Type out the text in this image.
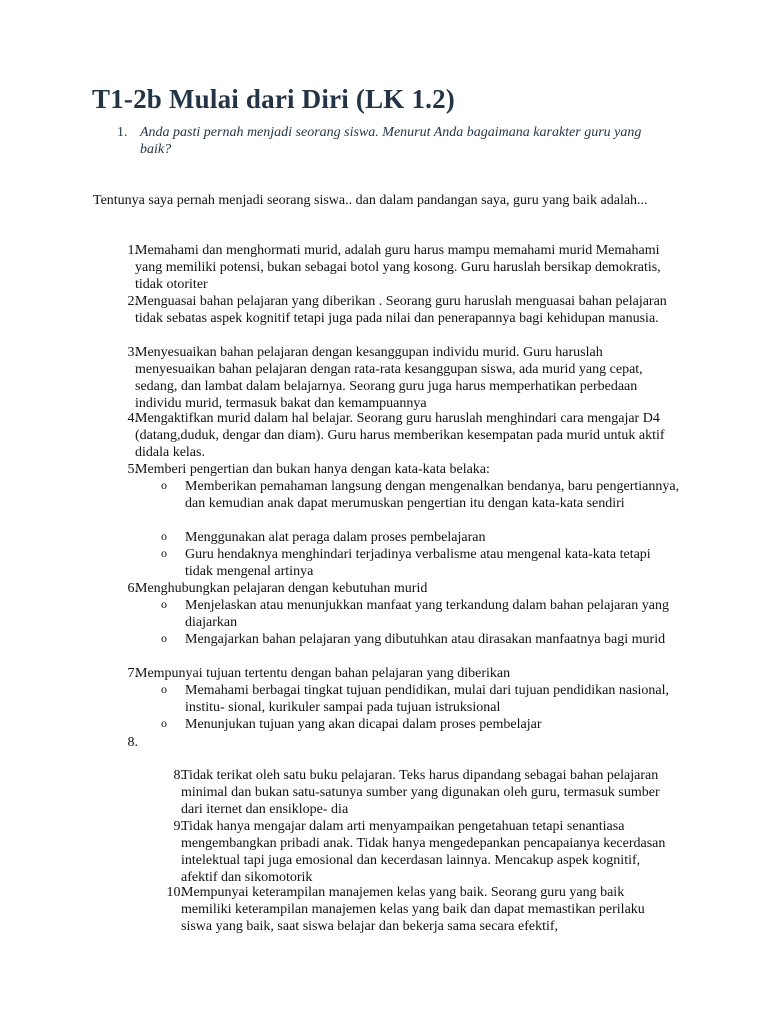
T1-2b Mulai dari Diri (LK 1.2)
1. Anda pasti pernah menjadi seorang siswa. Menurut Anda bagaimana karakter guru yang baik?
Tentunya saya pernah menjadi seorang siswa.. dan dalam pandangan saya, guru yang baik adalah...
1.
Memahami dan menghormati murid, adalah guru harus mampu memahami murid Memahami yang memiliki potensi, bukan sebagai botol yang kosong. Guru haruslah bersikap demokratis, tidak otoriter
2.
Menguasai bahan pelajaran yang diberikan . Seorang guru haruslah menguasai bahan pelajaran tidak sebatas aspek kognitif tetapi juga pada nilai dan penerapannya bagi kehidupan manusia.
3.
Menyesuaikan bahan pelajaran dengan kesanggupan individu murid. Guru haruslah menyesuaikan bahan pelajaran dengan rata-rata kesanggupan siswa, ada murid yang cepat, sedang, dan lambat dalam belajarnya. Seorang guru juga harus memperhatikan perbedaan individu murid, termasuk bakat dan kemampuannya
4.
Mengaktifkan murid dalam hal belajar. Seorang guru haruslah menghindari cara mengajar D4 (datang,duduk, dengar dan diam). Guru harus memberikan kesempatan pada murid untuk aktif didala kelas.
5.
Memberi pengertian dan bukan hanya dengan kata-kata belaka:
o Memberikan pemahaman langsung dengan mengenalkan bendanya, baru pengertiannya, dan kemudian anak dapat merumuskan pengertian itu dengan kata-kata sendiri
o Menggunakan alat peraga dalam proses pembelajaran
o Guru hendaknya menghindari terjadinya verbalisme atau mengenal kata-kata tetapi tidak mengenal artinya
6.
Menghubungkan pelajaran dengan kebutuhan murid
o Menjelaskan atau menunjukkan manfaat yang terkandung dalam bahan pelajaran yang diajarkan
o Mengajarkan bahan pelajaran yang dibutuhkan atau dirasakan manfaatnya bagi murid
7.
Mempunyai tujuan tertentu dengan bahan pelajaran yang diberikan
o Memahami berbagai tingkat tujuan pendidikan, mulai dari tujuan pendidikan nasional, institu- sional, kurikuler sampai pada tujuan istruksional
o Menunjukan tujuan yang akan dicapai dalam proses pembelajar
8.
8.
Tidak terikat oleh satu buku pelajaran. Teks harus dipandang sebagai bahan pelajaran minimal dan bukan satu-satunya sumber yang digunakan oleh guru, termasuk sumber dari iternet dan ensiklope- dia
9.
Tidak hanya mengajar dalam arti menyampaikan pengetahuan tetapi senantiasa mengembangkan pribadi anak. Tidak hanya mengedepankan pencapaianya kecerdasan intelektual tapi juga emosional dan kecerdasan lainnya. Mencakup aspek kognitif, afektif dan sikomotorik
10.
Mempunyai keterampilan manajemen kelas yang baik. Seorang guru yang baik memiliki keterampilan manajemen kelas yang baik dan dapat memastikan perilaku siswa yang baik, saat siswa belajar dan bekerja sama secara efektif,
